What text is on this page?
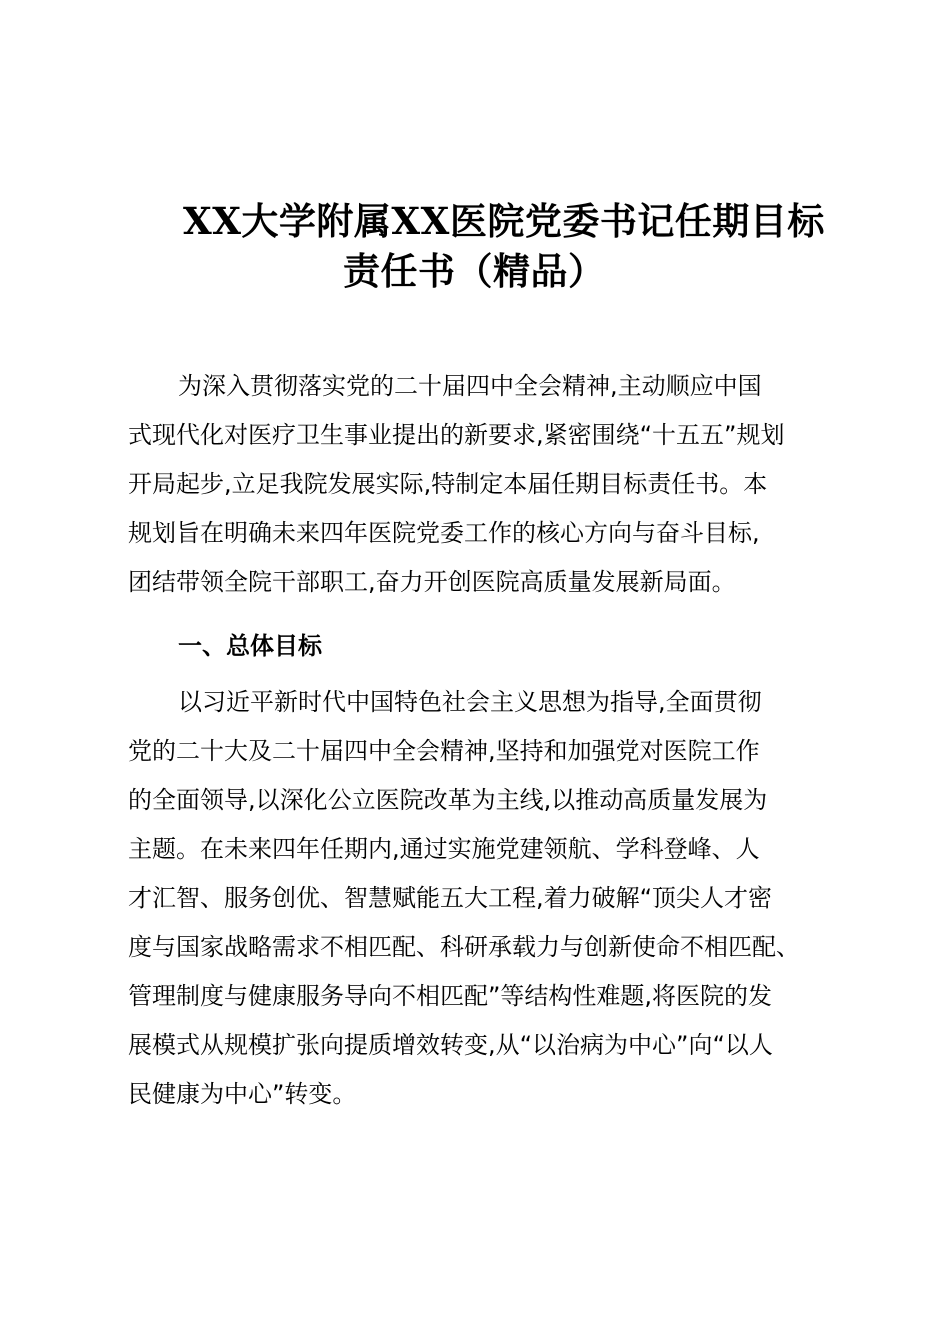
XX大学附属XX医院党委书记任期目标
责任书（精品）
为深入贯彻落实党的二十届四中全会精神,主动顺应中国
式现代化对医疗卫生事业提出的新要求,紧密围绕“十五五”规划
开局起步,立足我院发展实际,特制定本届任期目标责任书。本
规划旨在明确未来四年医院党委工作的核心方向与奋斗目标,
团结带领全院干部职工,奋力开创医院高质量发展新局面。
一、总体目标
以习近平新时代中国特色社会主义思想为指导,全面贯彻
党的二十大及二十届四中全会精神,坚持和加强党对医院工作
的全面领导,以深化公立医院改革为主线,以推动高质量发展为
主题。在未来四年任期内,通过实施党建领航、学科登峰、人
才汇智、服务创优、智慧赋能五大工程,着力破解“顶尖人才密
度与国家战略需求不相匹配、科研承载力与创新使命不相匹配、
管理制度与健康服务导向不相匹配”等结构性难题,将医院的发
展模式从规模扩张向提质增效转变,从“以治病为中心”向“以人
民健康为中心”转变。
